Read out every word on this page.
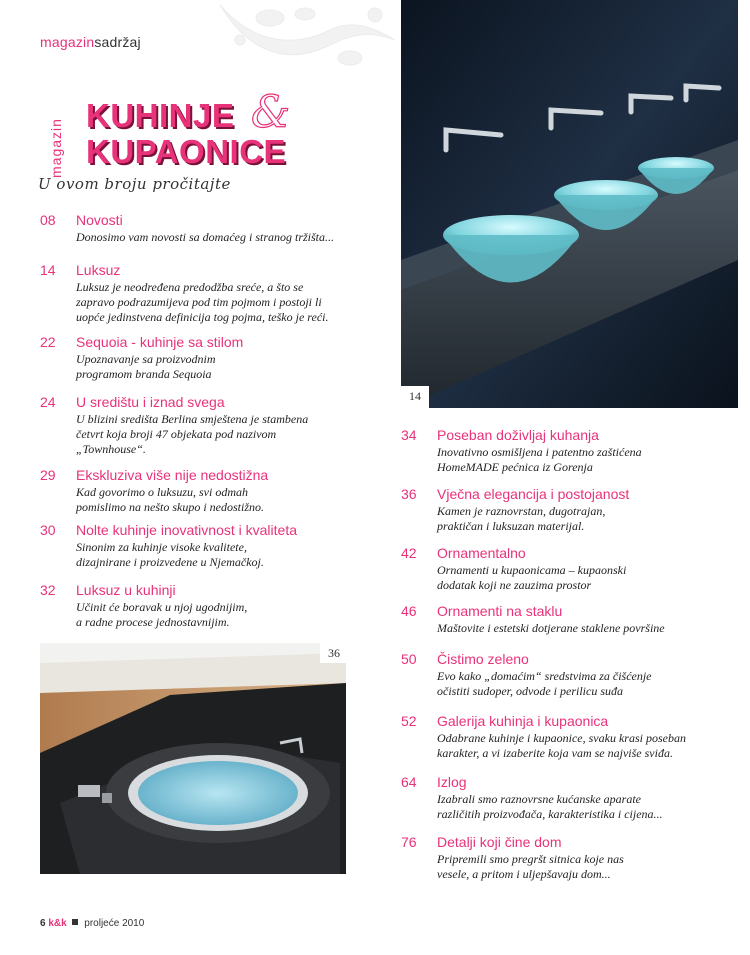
magazinsadržaj
magazin
KUHINJE &
KUPAONICE
U ovom broju pročitajte
14
36
08 Novosti
Donosimo vam novosti sa domaćeg i stranog tržišta...
14 Luksuz
Luksuz je neodređena predodžba sreće, a što se
zapravo podrazumijeva pod tim pojmom i postoji li
uopće jedinstvena definicija tog pojma, teško je reći.
22 Sequoia - kuhinje sa stilom
Upoznavanje sa proizvodnim
programom branda Sequoia
24 U središtu i iznad svega
U blizini središta Berlina smještena je stambena
četvrt koja broji 47 objekata pod nazivom
„Townhouse“.
29 Ekskluziva više nije nedostižna
Kad govorimo o luksuzu, svi odmah
pomislimo na nešto skupo i nedostižno.
30 Nolte kuhinje inovativnost i kvaliteta
Sinonim za kuhinje visoke kvalitete,
dizajnirane i proizvedene u Njemačkoj.
32 Luksuz u kuhinji
Učinit će boravak u njoj ugodnijim,
a radne procese jednostavnijim.
34 Poseban doživljaj kuhanja
Inovativno osmišljena i patentno zaštićena
HomeMADE pećnica iz Gorenja
36 Vječna elegancija i postojanost
Kamen je raznovrstan, dugotrajan,
praktičan i luksuzan materijal.
42 Ornamentalno
Ornamenti u kupaonicama – kupaonski
dodatak koji ne zauzima prostor
46 Ornamenti na staklu
Maštovite i estetski dotjerane staklene površine
50 Čistimo zeleno
Evo kako „domaćim“ sredstvima za čišćenje
očistiti sudoper, odvode i perilicu suđa
52 Galerija kuhinja i kupaonica
Odabrane kuhinje i kupaonice, svaku krasi poseban
karakter, a vi izaberite koja vam se najviše sviđa.
64 Izlog
Izabrali smo raznovrsne kućanske aparate
različitih proizvođača, karakteristika i cijena...
76 Detalji koji čine dom
Pripremili smo pregršt sitnica koje nas
vesele, a pritom i uljepšavaju dom...
6 k&k proljeće 2010
